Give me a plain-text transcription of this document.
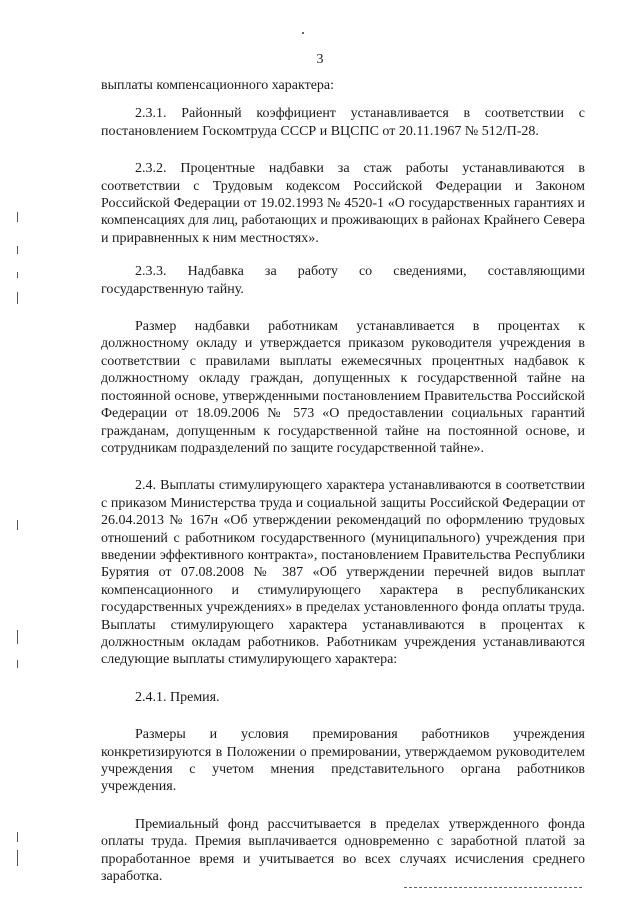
3

выплаты компенсационного характера:

2.3.1. Районный коэффициент устанавливается в соответствии с постановлением Госкомтруда СССР и ВЦСПС от 20.11.1967 № 512/П-28.

2.3.2. Процентные надбавки за стаж работы устанавливаются в соответствии с Трудовым кодексом Российской Федерации и Законом Российской Федерации от 19.02.1993 № 4520-1 «О государственных гарантиях и компенсациях для лиц, работающих и проживающих в районах Крайнего Севера и приравненных к ним местностях».

2.3.3. Надбавка за работу со сведениями, составляющими государственную тайну.

Размер надбавки работникам устанавливается в процентах к должностному окладу и утверждается приказом руководителя учреждения в соответствии с правилами выплаты ежемесячных процентных надбавок к должностному окладу граждан, допущенных к государственной тайне на постоянной основе, утвержденными постановлением Правительства Российской Федерации от 18.09.2006 № 573 «О предоставлении социальных гарантий гражданам, допущенным к государственной тайне на постоянной основе, и сотрудникам подразделений по защите государственной тайне».

2.4. Выплаты стимулирующего характера устанавливаются в соответствии с приказом Министерства труда и социальной защиты Российской Федерации от 26.04.2013 № 167н «Об утверждении рекомендаций по оформлению трудовых отношений с работником государственного (муниципального) учреждения при введении эффективного контракта», постановлением Правительства Республики Бурятия от 07.08.2008 № 387 «Об утверждении перечней видов выплат компенсационного и стимулирующего характера в республиканских государственных учреждениях» в пределах установленного фонда оплаты труда. Выплаты стимулирующего характера устанавливаются в процентах к должностным окладам работников. Работникам учреждения устанавливаются следующие выплаты стимулирующего характера:

2.4.1. Премия.

Размеры и условия премирования работников учреждения конкретизируются в Положении о премировании, утверждаемом руководителем учреждения с учетом мнения представительного органа работников учреждения.

Премиальный фонд рассчитывается в пределах утвержденного фонда оплаты труда. Премия выплачивается одновременно с заработной платой за проработанное время и учитывается во всех случаях исчисления среднего заработка.
